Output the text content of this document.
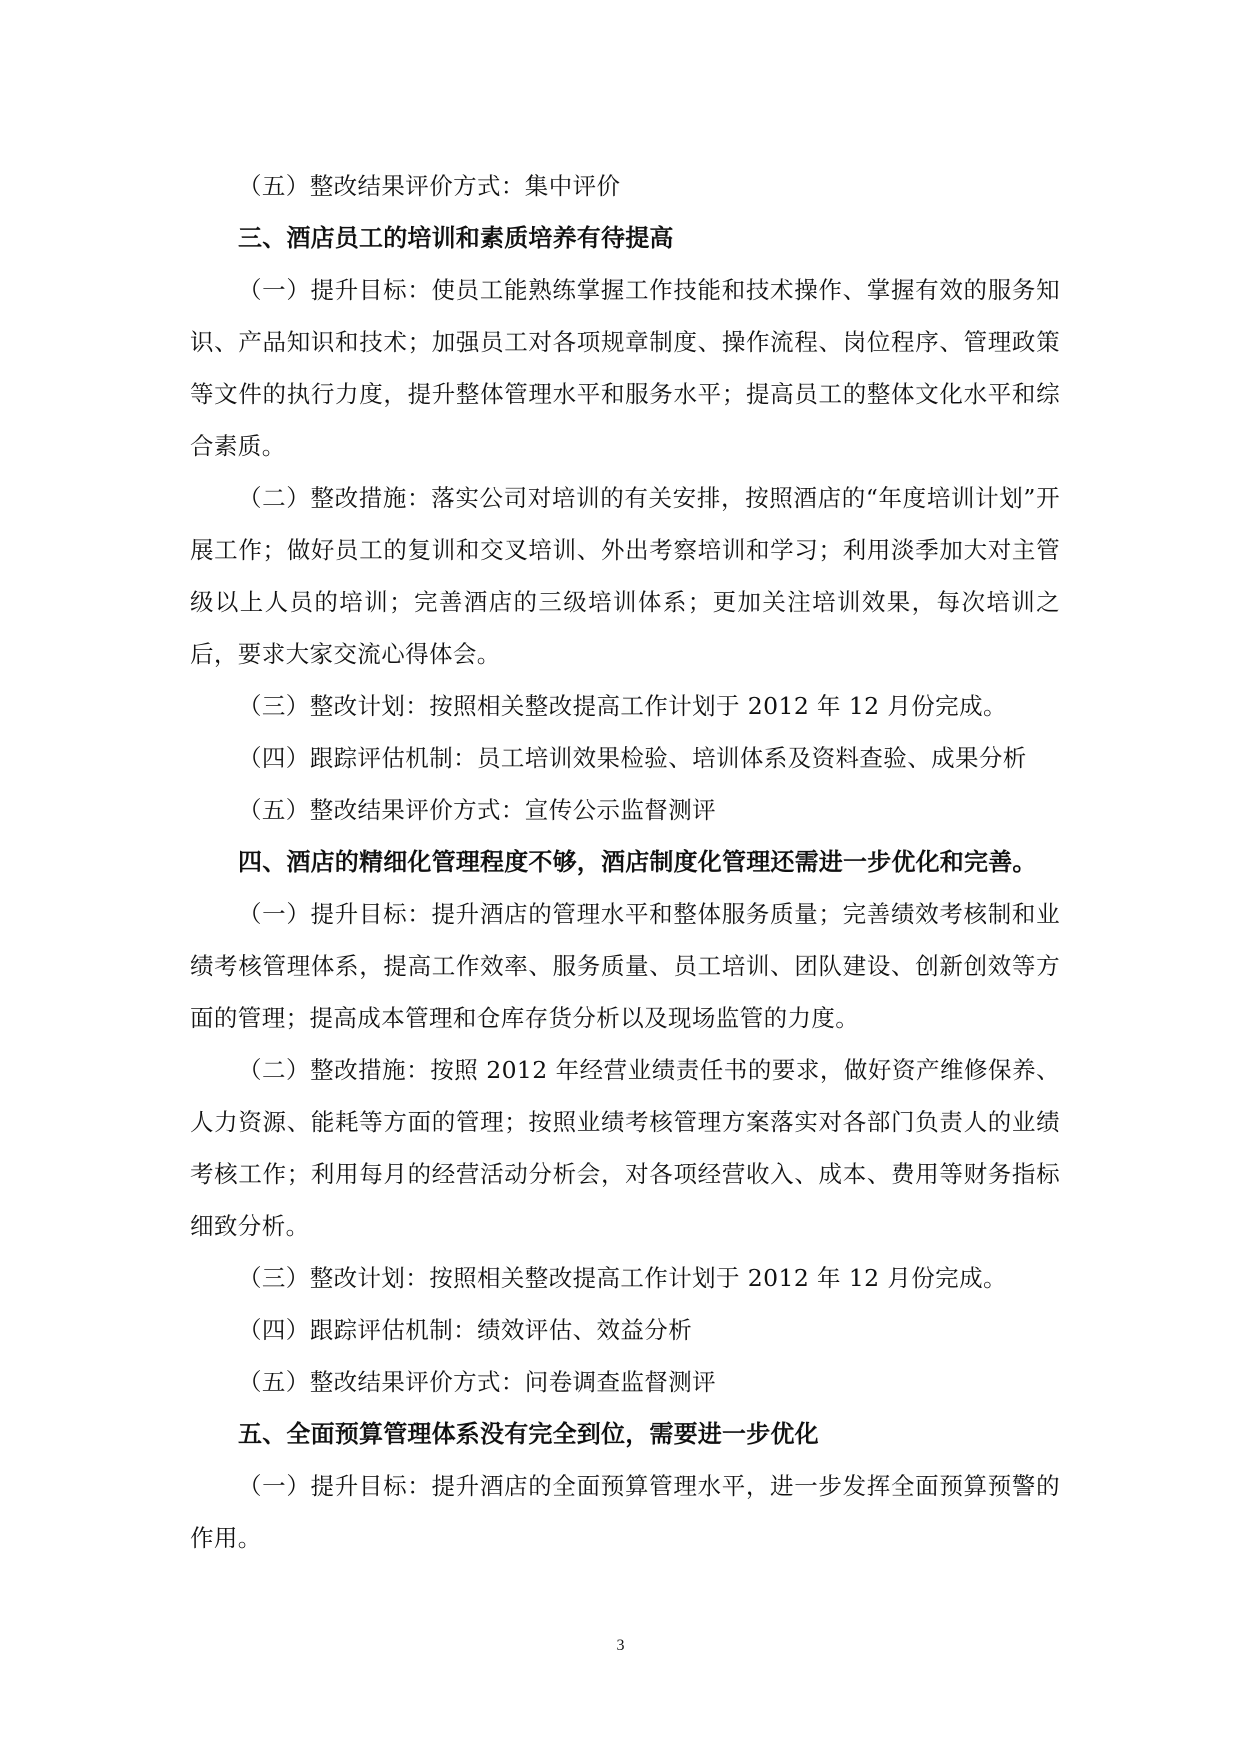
（五）整改结果评价方式：集中评价

三、酒店员工的培训和素质培养有待提高

（一）提升目标：使员工能熟练掌握工作技能和技术操作、掌握有效的服务知识、产品知识和技术；加强员工对各项规章制度、操作流程、岗位程序、管理政策等文件的执行力度，提升整体管理水平和服务水平；提高员工的整体文化水平和综合素质。

（二）整改措施：落实公司对培训的有关安排，按照酒店的“年度培训计划”开展工作；做好员工的复训和交叉培训、外出考察培训和学习；利用淡季加大对主管级以上人员的培训；完善酒店的三级培训体系；更加关注培训效果，每次培训之后，要求大家交流心得体会。

（三）整改计划：按照相关整改提高工作计划于 2012 年 12 月份完成。

（四）跟踪评估机制：员工培训效果检验、培训体系及资料查验、成果分析

（五）整改结果评价方式：宣传公示监督测评

四、酒店的精细化管理程度不够，酒店制度化管理还需进一步优化和完善。

（一）提升目标：提升酒店的管理水平和整体服务质量；完善绩效考核制和业绩考核管理体系，提高工作效率、服务质量、员工培训、团队建设、创新创效等方面的管理；提高成本管理和仓库存货分析以及现场监管的力度。

（二）整改措施：按照 2012 年经营业绩责任书的要求，做好资产维修保养、人力资源、能耗等方面的管理；按照业绩考核管理方案落实对各部门负责人的业绩考核工作；利用每月的经营活动分析会，对各项经营收入、成本、费用等财务指标细致分析。

（三）整改计划：按照相关整改提高工作计划于 2012 年 12 月份完成。

（四）跟踪评估机制：绩效评估、效益分析

（五）整改结果评价方式：问卷调查监督测评

五、全面预算管理体系没有完全到位，需要进一步优化

（一）提升目标：提升酒店的全面预算管理水平，进一步发挥全面预算预警的作用。

3
